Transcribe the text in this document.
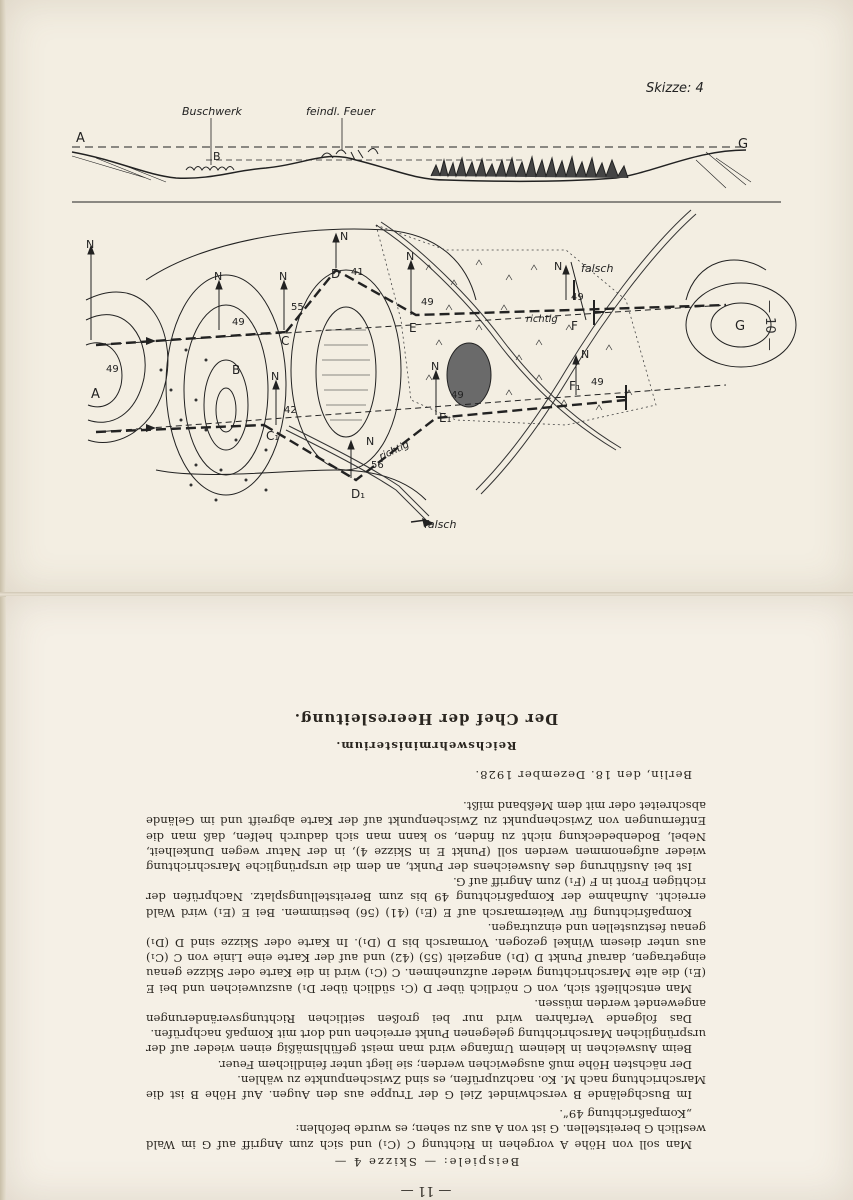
Skizze: 4
— 10 —
Buschwerk	feindl. Feuer
A	G
B
N
N	N
N
N
N
N
N
N
N
A
B
C
C₁
D
D₁
E
E₁
F
F₁
G
49
49
55
41
49
42
56
49
49
49
richtig
richtig
falsch
falsch
— 11 —
Beispiele: — Skizze 4 —

Man soll von Höhe A vorgehen in Richtung C (C₁) und sich zum Angriff auf G im Wald westlich G bereitstellen. G ist von A aus zu sehen; es wurde befohlen:

„Kompaßrichtung 49“.

Im Buschgelände B verschwindet Ziel G der Truppe aus den Augen. Auf Höhe B ist die Marschrichtung nach M. Ko. nachzuprüfen, es sind Zwischenpunkte zu wählen.

Der nächsten Höhe muß ausgewichen werden; sie liegt unter feindlichem Feuer.

Beim Ausweichen in kleinem Umfange wird man meist gefühlsmäßig einen wieder auf der ursprünglichen Marschrichtung gelegenen Punkt erreichen und dort mit Kompaß nachprüfen.

Das folgende Verfahren wird nur bei großen seitlichen Richtungsveränderungen angewendet werden müssen.

Man entschließt sich, von C nördlich über D (C₁ südlich über D₁) auszuweichen und bei E (E₁) die alte Marschrichtung wieder aufzunehmen. C (C₁) wird in die Karte oder Skizze genau eingetragen, darauf Punkt D (D₁) angezielt (55) (42) und auf der Karte eine Linie von C (C₁) aus unter diesem Winkel gezogen. Vormarsch bis D (D₁). In Karte oder Skizze sind D (D₁) genau festzustellen und einzutragen.

Kompaßrichtung für Weitermarsch auf E (E₁) (41) (56) bestimmen. Bei E (E₁) wird Wald erreicht. Aufnahme der Kompaßrichtung 49 bis zum Bereitstellungsplatz. Nachprüfen der richtigen Front in F (F₁) zum Angriff auf G.

Ist bei Ausführung des Ausweichens der Punkt, an dem die ursprüngliche Marschrichtung wieder aufgenommen werden soll (Punkt E in Skizze 4), in der Natur wegen Dunkelheit, Nebel, Bodenbedeckung nicht zu finden, so kann man sich dadurch helfen, daß man die Entfernungen von Zwischenpunkt zu Zwischenpunkt auf der Karte abgreift und im Gelände abschreitet oder mit dem Meßband mißt.

Berlin, den 18. Dezember 1928.

Reichswehrministerium.
Der Chef der Heeresleitung.
